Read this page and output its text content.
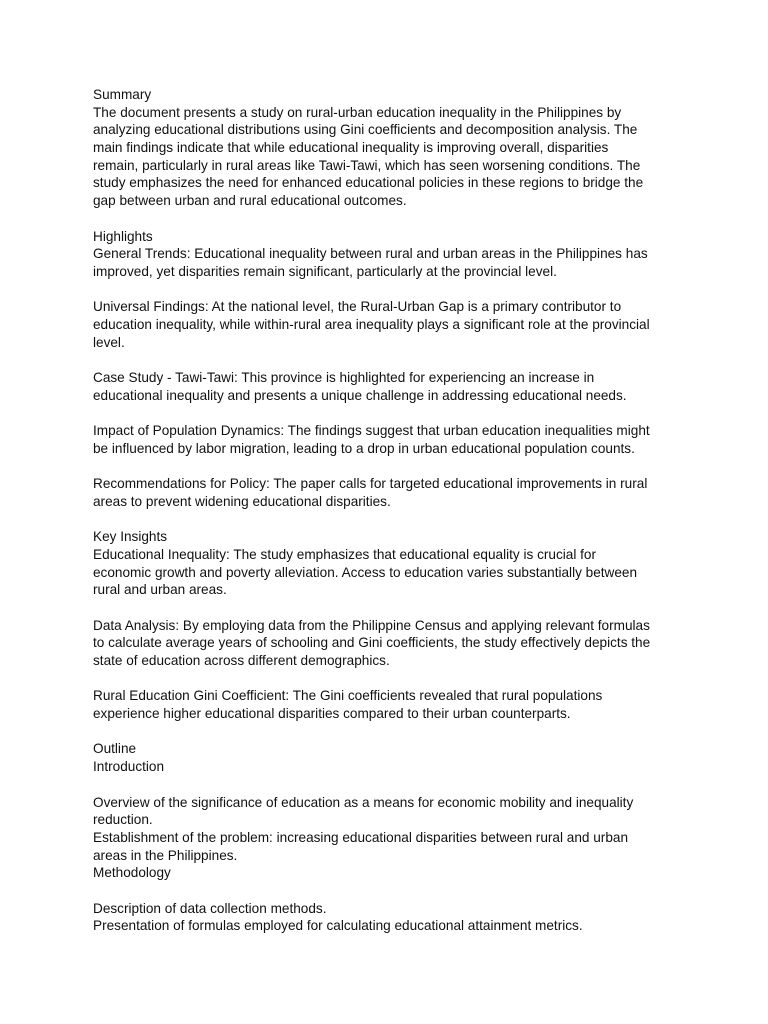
Summary
The document presents a study on rural-urban education inequality in the Philippines by
analyzing educational distributions using Gini coefficients and decomposition analysis. The
main findings indicate that while educational inequality is improving overall, disparities
remain, particularly in rural areas like Tawi-Tawi, which has seen worsening conditions. The
study emphasizes the need for enhanced educational policies in these regions to bridge the
gap between urban and rural educational outcomes.
Highlights
General Trends: Educational inequality between rural and urban areas in the Philippines has
improved, yet disparities remain significant, particularly at the provincial level.
Universal Findings: At the national level, the Rural-Urban Gap is a primary contributor to
education inequality, while within-rural area inequality plays a significant role at the provincial
level.
Case Study - Tawi-Tawi: This province is highlighted for experiencing an increase in
educational inequality and presents a unique challenge in addressing educational needs.
Impact of Population Dynamics: The findings suggest that urban education inequalities might
be influenced by labor migration, leading to a drop in urban educational population counts.
Recommendations for Policy: The paper calls for targeted educational improvements in rural
areas to prevent widening educational disparities.
Key Insights
Educational Inequality: The study emphasizes that educational equality is crucial for
economic growth and poverty alleviation. Access to education varies substantially between
rural and urban areas.
Data Analysis: By employing data from the Philippine Census and applying relevant formulas
to calculate average years of schooling and Gini coefficients, the study effectively depicts the
state of education across different demographics.
Rural Education Gini Coefficient: The Gini coefficients revealed that rural populations
experience higher educational disparities compared to their urban counterparts.
Outline
Introduction
Overview of the significance of education as a means for economic mobility and inequality
reduction.
Establishment of the problem: increasing educational disparities between rural and urban
areas in the Philippines.
Methodology
Description of data collection methods.
Presentation of formulas employed for calculating educational attainment metrics.
